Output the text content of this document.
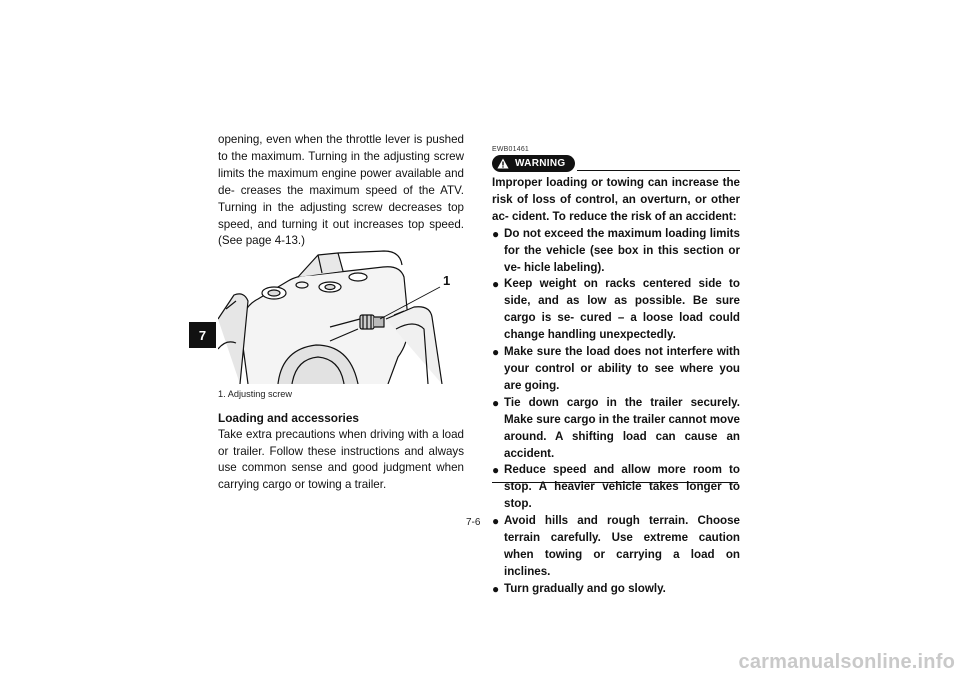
7

opening, even when the throttle lever is pushed to the maximum. Turning in the adjusting screw limits the maximum engine power available and de- creases the maximum speed of the ATV. Turning in the adjusting screw decreases top speed, and turning it out increases top speed. (See page 4-13.)

1
1. Adjusting screw
Loading and accessories

Take extra precautions when driving with a load or trailer. Follow these instructions and always use common sense and good judgment when carrying cargo or towing a trailer.

EWB01461
WARNING

Improper loading or towing can increase the risk of loss of control, an overturn, or other ac- cident. To reduce the risk of an accident:

● Do not exceed the maximum loading limits for the vehicle (see box in this section or ve- hicle labeling).
● Keep weight on racks centered side to side, and as low as possible. Be sure cargo is se- cured – a loose load could change handling unexpectedly.
● Make sure the load does not interfere with your control or ability to see where you are going.
● Tie down cargo in the trailer securely. Make sure cargo in the trailer cannot move around. A shifting load can cause an accident.
● Reduce speed and allow more room to stop. A heavier vehicle takes longer to stop.
● Avoid hills and rough terrain. Choose terrain carefully. Use extreme caution when towing or carrying a load on inclines.
● Turn gradually and go slowly.
7-6
carmanualsonline.info
